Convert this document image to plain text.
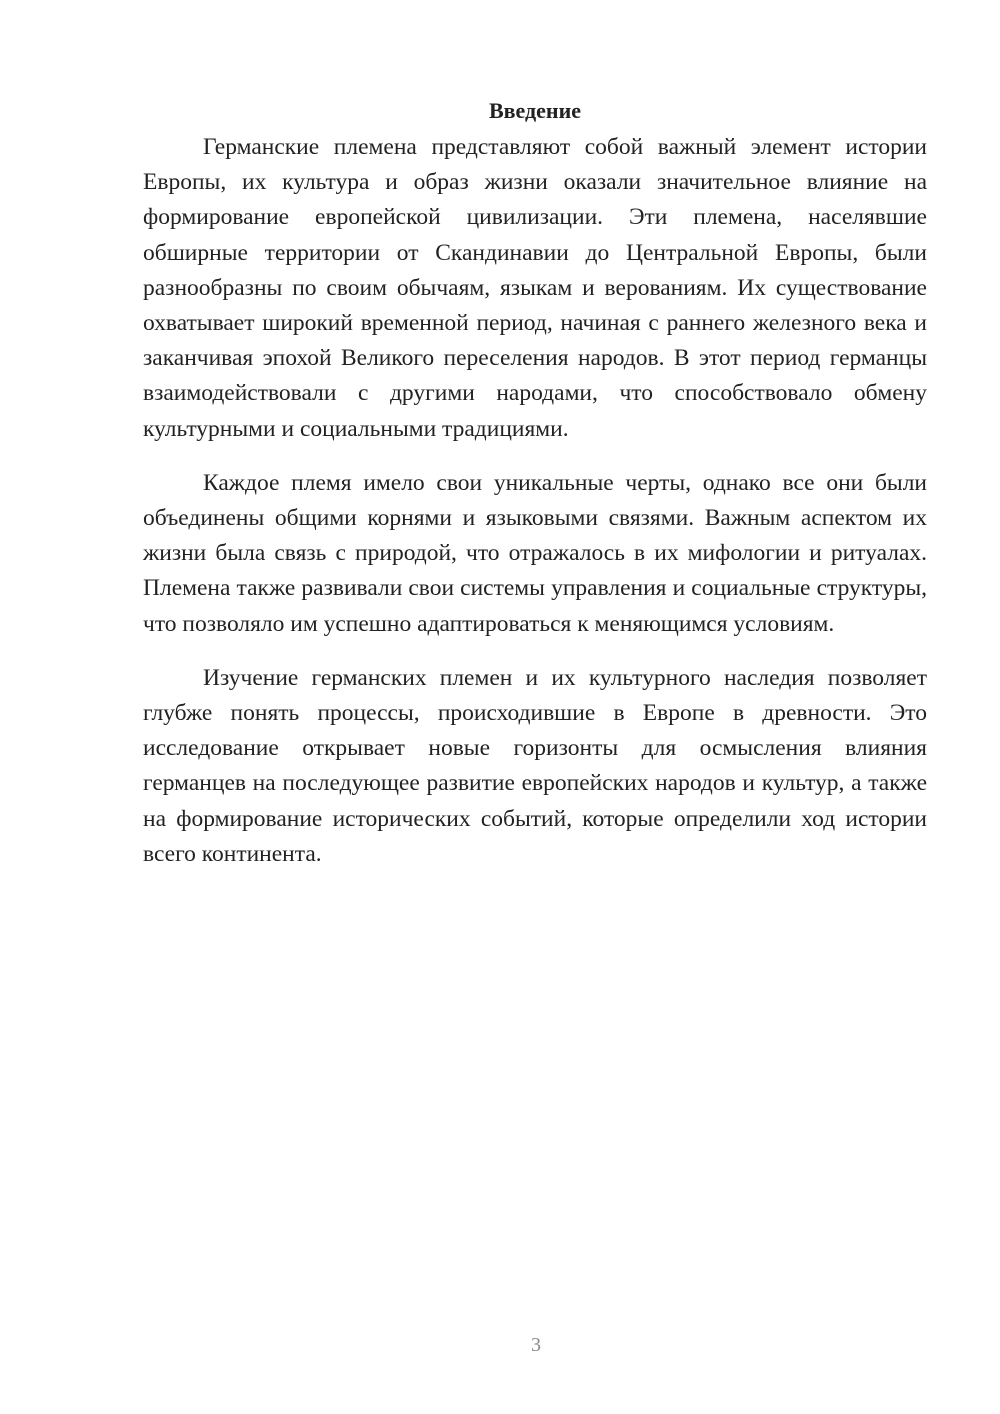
Введение

Германские племена представляют собой важный элемент истории Европы, их культура и образ жизни оказали значительное влияние на формирование европейской цивилизации. Эти племена, населявшие обширные территории от Скандинавии до Центральной Европы, были разнообразны по своим обычаям, языкам и верованиям. Их существование охватывает широкий временной период, начиная с раннего железного века и заканчивая эпохой Великого переселения народов. В этот период германцы взаимодействовали с другими народами, что способствовало обмену культурными и социальными традициями.

Каждое племя имело свои уникальные черты, однако все они были объединены общими корнями и языковыми связями. Важным аспектом их жизни была связь с природой, что отражалось в их мифологии и ритуалах. Племена также развивали свои системы управления и социальные структуры, что позволяло им успешно адаптироваться к меняющимся условиям.

Изучение германских племен и их культурного наследия позволяет глубже понять процессы, происходившие в Европе в древности. Это исследование открывает новые горизонты для осмысления влияния германцев на последующее развитие европейских народов и культур, а также на формирование исторических событий, которые определили ход истории всего континента.

3
